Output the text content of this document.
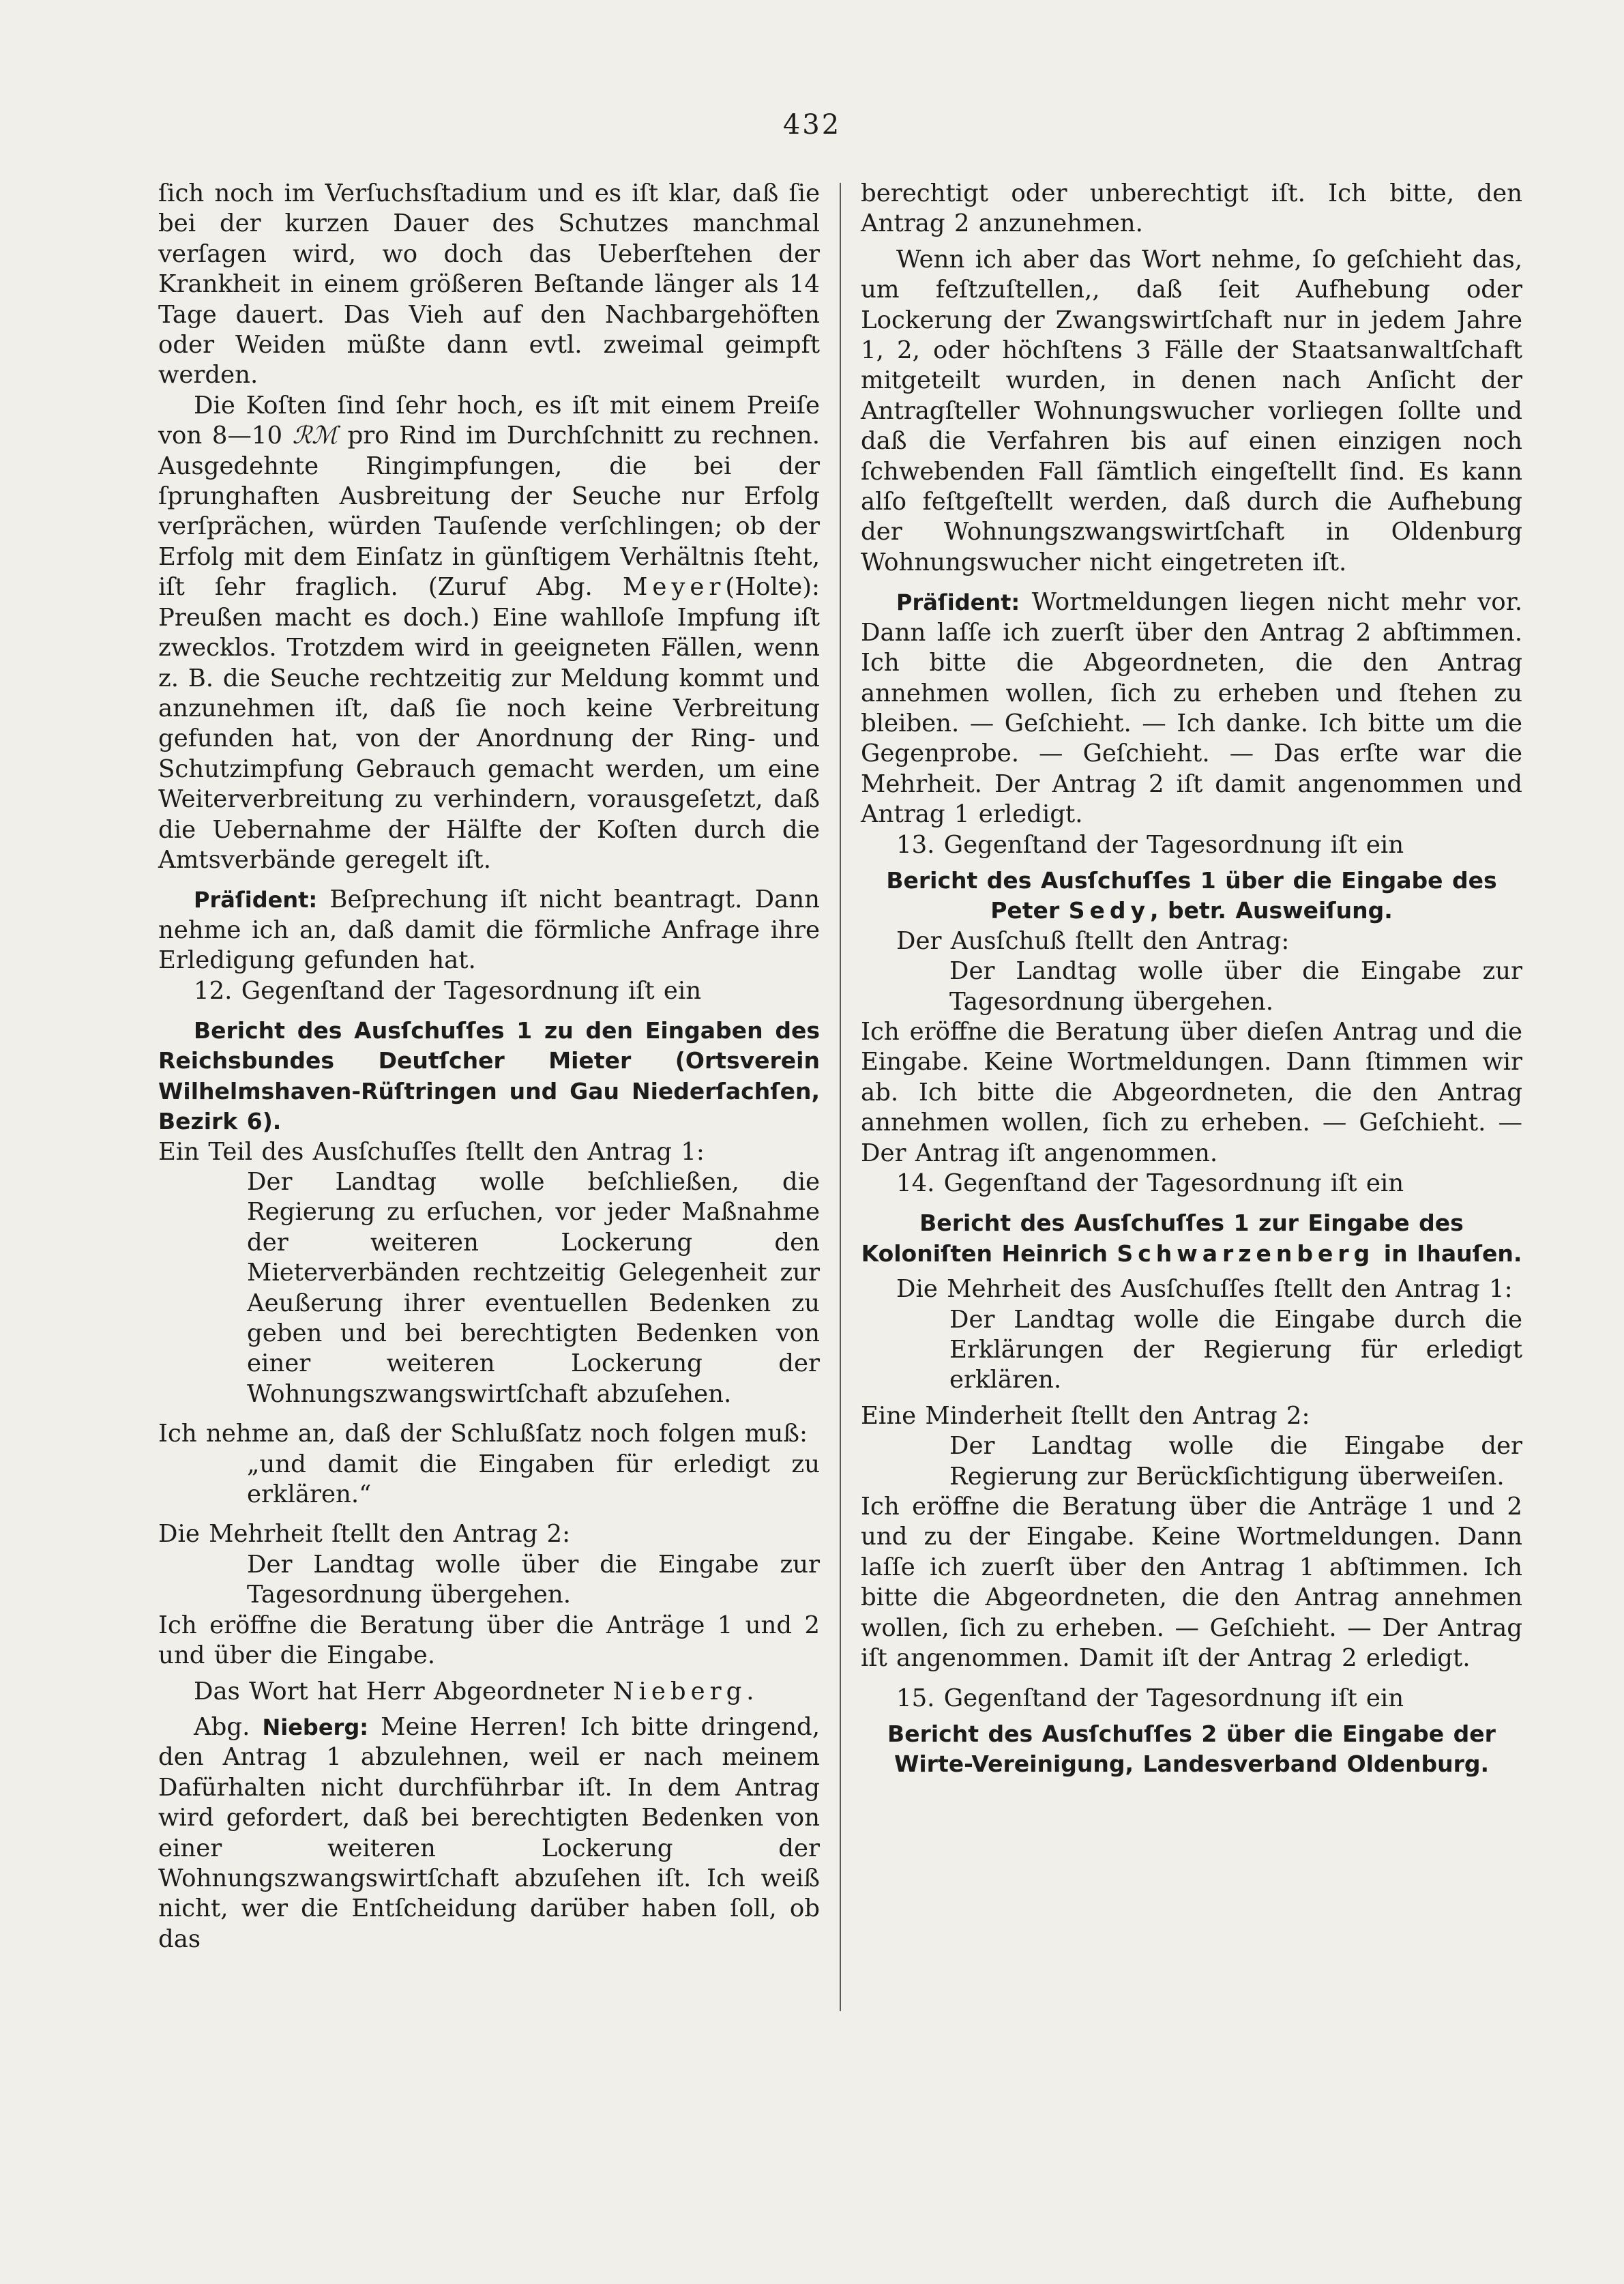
432

ſich noch im Verſuchsſtadium und es iſt klar, daß ſie bei der kurzen Dauer des Schutzes manchmal verſagen wird, wo doch das Ueberſtehen der Krankheit in einem größeren Beſtande länger als 14 Tage dauert. Das Vieh auf den Nachbargehöften oder Weiden müßte dann evtl. zweimal geimpft werden.

Die Koſten ſind ſehr hoch, es iſt mit einem Preiſe von 8—10 ℛℳ pro Rind im Durchſchnitt zu rechnen. Ausgedehnte Ringimpfungen, die bei der ſprunghaften Ausbreitung der Seuche nur Erfolg verſprächen, würden Tauſende verſchlingen; ob der Erfolg mit dem Einſatz in günſtigem Verhältnis ſteht, iſt ſehr fraglich. (Zuruf Abg. Meyer(Holte): Preußen macht es doch.) Eine wahlloſe Impfung iſt zwecklos. Trotzdem wird in geeigneten Fällen, wenn z. B. die Seuche rechtzeitig zur Meldung kommt und anzunehmen iſt, daß ſie noch keine Verbreitung gefunden hat, von der Anordnung der Ring- und Schutzimpfung Gebrauch gemacht werden, um eine Weiterverbreitung zu verhindern, vorausgeſetzt, daß die Uebernahme der Hälfte der Koſten durch die Amtsverbände geregelt iſt.

Präſident: Beſprechung iſt nicht beantragt. Dann nehme ich an, daß damit die förmliche Anfrage ihre Erledigung gefunden hat.

12. Gegenſtand der Tagesordnung iſt ein

Bericht des Ausſchuſſes 1 zu den Eingaben des Reichsbundes Deutſcher Mieter (Ortsverein Wilhelmshaven-Rüſtringen und Gau Niederſachſen, Bezirk 6).

Ein Teil des Ausſchuſſes ſtellt den Antrag 1:

Der Landtag wolle beſchließen, die Regierung zu erſuchen, vor jeder Maßnahme der weiteren Lockerung den Mieterverbänden rechtzeitig Gelegenheit zur Aeußerung ihrer eventuellen Bedenken zu geben und bei berechtigten Bedenken von einer weiteren Lockerung der Wohnungszwangswirtſchaft abzuſehen.

Ich nehme an, daß der Schlußſatz noch folgen muß:

„und damit die Eingaben für erledigt zu erklären.“

Die Mehrheit ſtellt den Antrag 2:

Der Landtag wolle über die Eingabe zur Tagesordnung übergehen.

Ich eröffne die Beratung über die Anträge 1 und 2 und über die Eingabe.

Das Wort hat Herr Abgeordneter Nieberg.

Abg. Nieberg: Meine Herren! Ich bitte dringend, den Antrag 1 abzulehnen, weil er nach meinem Dafürhalten nicht durchführbar iſt. In dem Antrag wird gefordert, daß bei berechtigten Bedenken von einer weiteren Lockerung der Wohnungszwangswirtſchaft abzuſehen iſt. Ich weiß nicht, wer die Entſcheidung darüber haben ſoll, ob das

berechtigt oder unberechtigt iſt. Ich bitte, den Antrag 2 anzunehmen.

Wenn ich aber das Wort nehme, ſo geſchieht das, um feſtzuſtellen,, daß ſeit Aufhebung oder Lockerung der Zwangswirtſchaft nur in jedem Jahre 1, 2, oder höchſtens 3 Fälle der Staatsanwaltſchaft mitgeteilt wurden, in denen nach Anſicht der Antragſteller Wohnungswucher vorliegen ſollte und daß die Verfahren bis auf einen einzigen noch ſchwebenden Fall ſämtlich eingeſtellt ſind. Es kann alſo feſtgeſtellt werden, daß durch die Aufhebung der Wohnungszwangswirtſchaft in Oldenburg Wohnungswucher nicht eingetreten iſt.

Präſident: Wortmeldungen liegen nicht mehr vor. Dann laſſe ich zuerſt über den Antrag 2 abſtimmen. Ich bitte die Abgeordneten, die den Antrag annehmen wollen, ſich zu erheben und ſtehen zu bleiben. — Geſchieht. — Ich danke. Ich bitte um die Gegenprobe. — Geſchieht. — Das erſte war die Mehrheit. Der Antrag 2 iſt damit angenommen und Antrag 1 erledigt.

13. Gegenſtand der Tagesordnung iſt ein

Bericht des Ausſchuſſes 1 über die Eingabe des Peter Sedy, betr. Ausweiſung.

Der Ausſchuß ſtellt den Antrag:

Der Landtag wolle über die Eingabe zur Tagesordnung übergehen.

Ich eröffne die Beratung über dieſen Antrag und die Eingabe. Keine Wortmeldungen. Dann ſtimmen wir ab. Ich bitte die Abgeordneten, die den Antrag annehmen wollen, ſich zu erheben. — Geſchieht. — Der Antrag iſt angenommen.

14. Gegenſtand der Tagesordnung iſt ein

Bericht des Ausſchuſſes 1 zur Eingabe des Koloniſten Heinrich Schwarzenberg in Ihauſen.

Die Mehrheit des Ausſchuſſes ſtellt den Antrag 1:

Der Landtag wolle die Eingabe durch die Erklärungen der Regierung für erledigt erklären.

Eine Minderheit ſtellt den Antrag 2:

Der Landtag wolle die Eingabe der Regierung zur Berückſichtigung überweiſen.

Ich eröffne die Beratung über die Anträge 1 und 2 und zu der Eingabe. Keine Wortmeldungen. Dann laſſe ich zuerſt über den Antrag 1 abſtimmen. Ich bitte die Abgeordneten, die den Antrag annehmen wollen, ſich zu erheben. — Geſchieht. — Der Antrag iſt angenommen. Damit iſt der Antrag 2 erledigt.

15. Gegenſtand der Tagesordnung iſt ein

Bericht des Ausſchuſſes 2 über die Eingabe der Wirte-Vereinigung, Landesverband Oldenburg.
